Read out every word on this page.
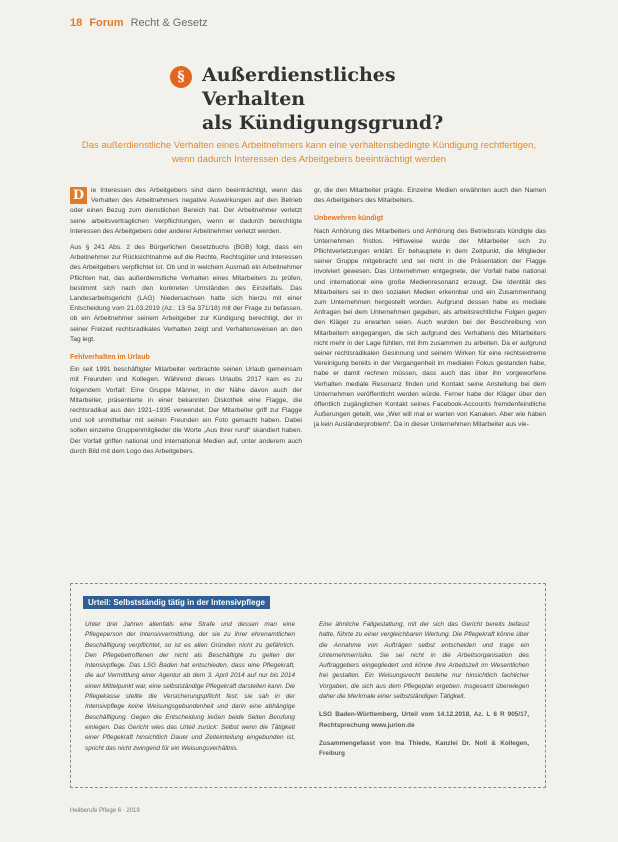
18 Forum Recht & Gesetz
§ Außerdienstliches Verhalten
als Kündigungsgrund?
Das außerdienstliche Verhalten eines Arbeitnehmers kann eine verhaltensbedingte Kündigung rechtfertigen, wenn dadurch Interessen des Arbeitgebers beeinträchtigt werden

D	ie Interessen des Arbeitgebers sind dann beeinträchtigt, wenn das Verhalten des Arbeitnehmers negative Auswirkungen auf den Betrieb oder einen Bezug zum dienstlichen Bereich hat. Der Arbeitnehmer verletzt seine arbeitsvertraglichen Verpflichtungen, wenn er dadurch berechtigte Interessen des Arbeitgebers oder anderer Arbeitnehmer verletzt werden.

Aus § 241 Abs. 2 des Bürgerlichen Gesetzbuchs (BGB) folgt, dass ein Arbeitnehmer zur Rücksichtnahme auf die Rechte, Rechtsgüter und Interessen des Arbeitgebers verpflichtet ist. Ob und in welchem Ausmaß ein Arbeitnehmer Pflichten hat, das außerdienstliche Verhalten eines Mitarbeiters zu prüfen, bestimmt sich nach den konkreten Umständen des Einzelfalls. Das Landesarbeitsgericht (LAG) Niedersachsen hatte sich hierzu mit einer Entscheidung vom 21.03.2019 (Az.: 13 Sa 371/18) mit der Frage zu befassen, ob ein Arbeitnehmer seinem Arbeitgeber zur Kündigung berechtigt, der in seiner Freizeit rechtsradikales Verhalten zeigt und Verhaltensweisen an den Tag legt.

Fehlverhalten im Urlaub

Ein seit 1991 beschäftigter Mitarbeiter verbrachte seinen Urlaub gemeinsam mit Freunden und Kollegen. Während dieses Urlaubs 2017 kam es zu folgendem Vorfall: Eine Gruppe Männer, in der Nähe davon auch der Mitarbeiter, präsentierte in einer bekannten Diskothek eine Flagge, die rechtsradikal aus den 1921–1935 verwendet. Der Mitarbeiter griff zur Flagge und soll unmittelbar mit seinen Freunden ein Foto gemacht haben. Dabei sollen einzelne Gruppenmitglieder die Worte „Aus ihrer rund“ skandiert haben. Der Vorfall griffen national und international Medien auf, unter anderem auch durch Bild mit dem Logo des Arbeitgebers.

gr, die den Mitarbeiter prägte. Einzelne Medien erwähnten auch den Namen des Arbeitgebers des Mitarbeiters.

Unbewehren kündigt

Nach Anhörung des Mitarbeiters und Anhörung des Betriebsrats kündigte das Unternehmen fristlos. Hilfsweise wurde der Mitarbeiter sich zu Pflichtverletzungen erklärt. Er behauptete in dem Zeitpunkt, die Mitglieder seiner Gruppe mitgebracht und sei nicht in die Präsentation der Flagge involviert gewesen. Das Unternehmen entgegnete, der Vorfall habe national und international eine große Medienresonanz erzeugt. Die Identität des Mitarbeiters sei in den sozialen Medien erkennbar und ein Zusammenhang zum Unternehmen hergestellt worden. Aufgrund dessen habe es mediale Anfragen bei dem Unternehmen gegeben, als arbeitsrechtliche Folgen gegen den Kläger zu erwarten seien. Auch wurden bei der Beschreibung von Mitarbeitern eingegangen, die sich aufgrund des Verhaltens des Mitarbeiters nicht mehr in der Lage fühlten, mit ihm zusammen zu arbeiten. Da er aufgrund seiner rechtsradikalen Gesinnung und seinem Wirken für eine rechtsextreme Vereinigung bereits in der Vergangenheit im medialen Fokus gestanden habe, habe er damit rechnen müssen, dass auch das über ihn vorgeworfene Verhalten mediale Resonanz finden und Kontakt seine Anstellung bei dem Unternehmen veröffentlicht werden würde. Ferner habe der Kläger über den öffentlich zugänglichen Kontakt seines Facebook-Accounts fremdenfeindliche Äußerungen geteilt, wie „Wer will mal er warten von Kanaken. Aber wie haben ja kein Ausländerproblem“. Da in dieser Unternehmen Mitarbeiter aus vie-

Urteil: Selbstständig tätig in der Intensivpflege

Unter drei Jahren allenfalls eine Strafe und dessen man eine Pflegeperson der Intensivvermittlung, der sie zu ihrer ehrenamtlichen Beschäftigung verpflichtet, so ist es allen Gründen nicht zu gefährlich. Den Pflegebetroffenen der nicht als Beschäftigte zu gelten der Intensivpflege. Das LSG Baden hat entschieden, dass eine Pflegekraft, die auf Vermittlung einer Agentur ab dem 3. April 2014 auf nur bis 2014 einen Mittelpunkt war, eine selbstständige Pflegekraft darstellen kann. Die Pflegekasse stellte die Versicherungspflicht fest; sie sah in der Intensivpflege keine Weisungsgebundenheit und darin eine abhängige Beschäftigung. Gegen die Entscheidung ließen beide Seiten Berufung einlegen. Das Gericht wies das Urteil zurück: Selbst wenn die Tätigkeit einer Pflegekraft hinsichtlich Dauer und Zeiteinteilung eingebunden ist, spricht das nicht zwingend für ein Weisungsverhältnis.

Eine ähnliche Fallgestaltung, mit der sich das Gericht bereits befasst hatte, führte zu einer vergleichbaren Wertung. Die Pflegekraft könne über die Annahme von Aufträgen selbst entscheiden und trage ein Unternehmerrisiko. Sie sei nicht in die Arbeitsorganisation des Auftraggebers eingegliedert und könne ihre Arbeitszeit im Wesentlichen frei gestalten. Ein Weisungsrecht bestehe nur hinsichtlich fachlicher Vorgaben, die sich aus dem Pflegeplan ergeben. Insgesamt überwiegen daher die Merkmale einer selbstständigen Tätigkeit.

LSG Baden-Württemberg, Urteil vom 14.12.2018, Az. L 8 R 905/17, Rechtsprechung www.jurion.de

Zusammengefasst von Ina Thiede, Kanzlei Dr. Noll & Kollegen, Freiburg

Heilberufe Pflege 6 · 2019
